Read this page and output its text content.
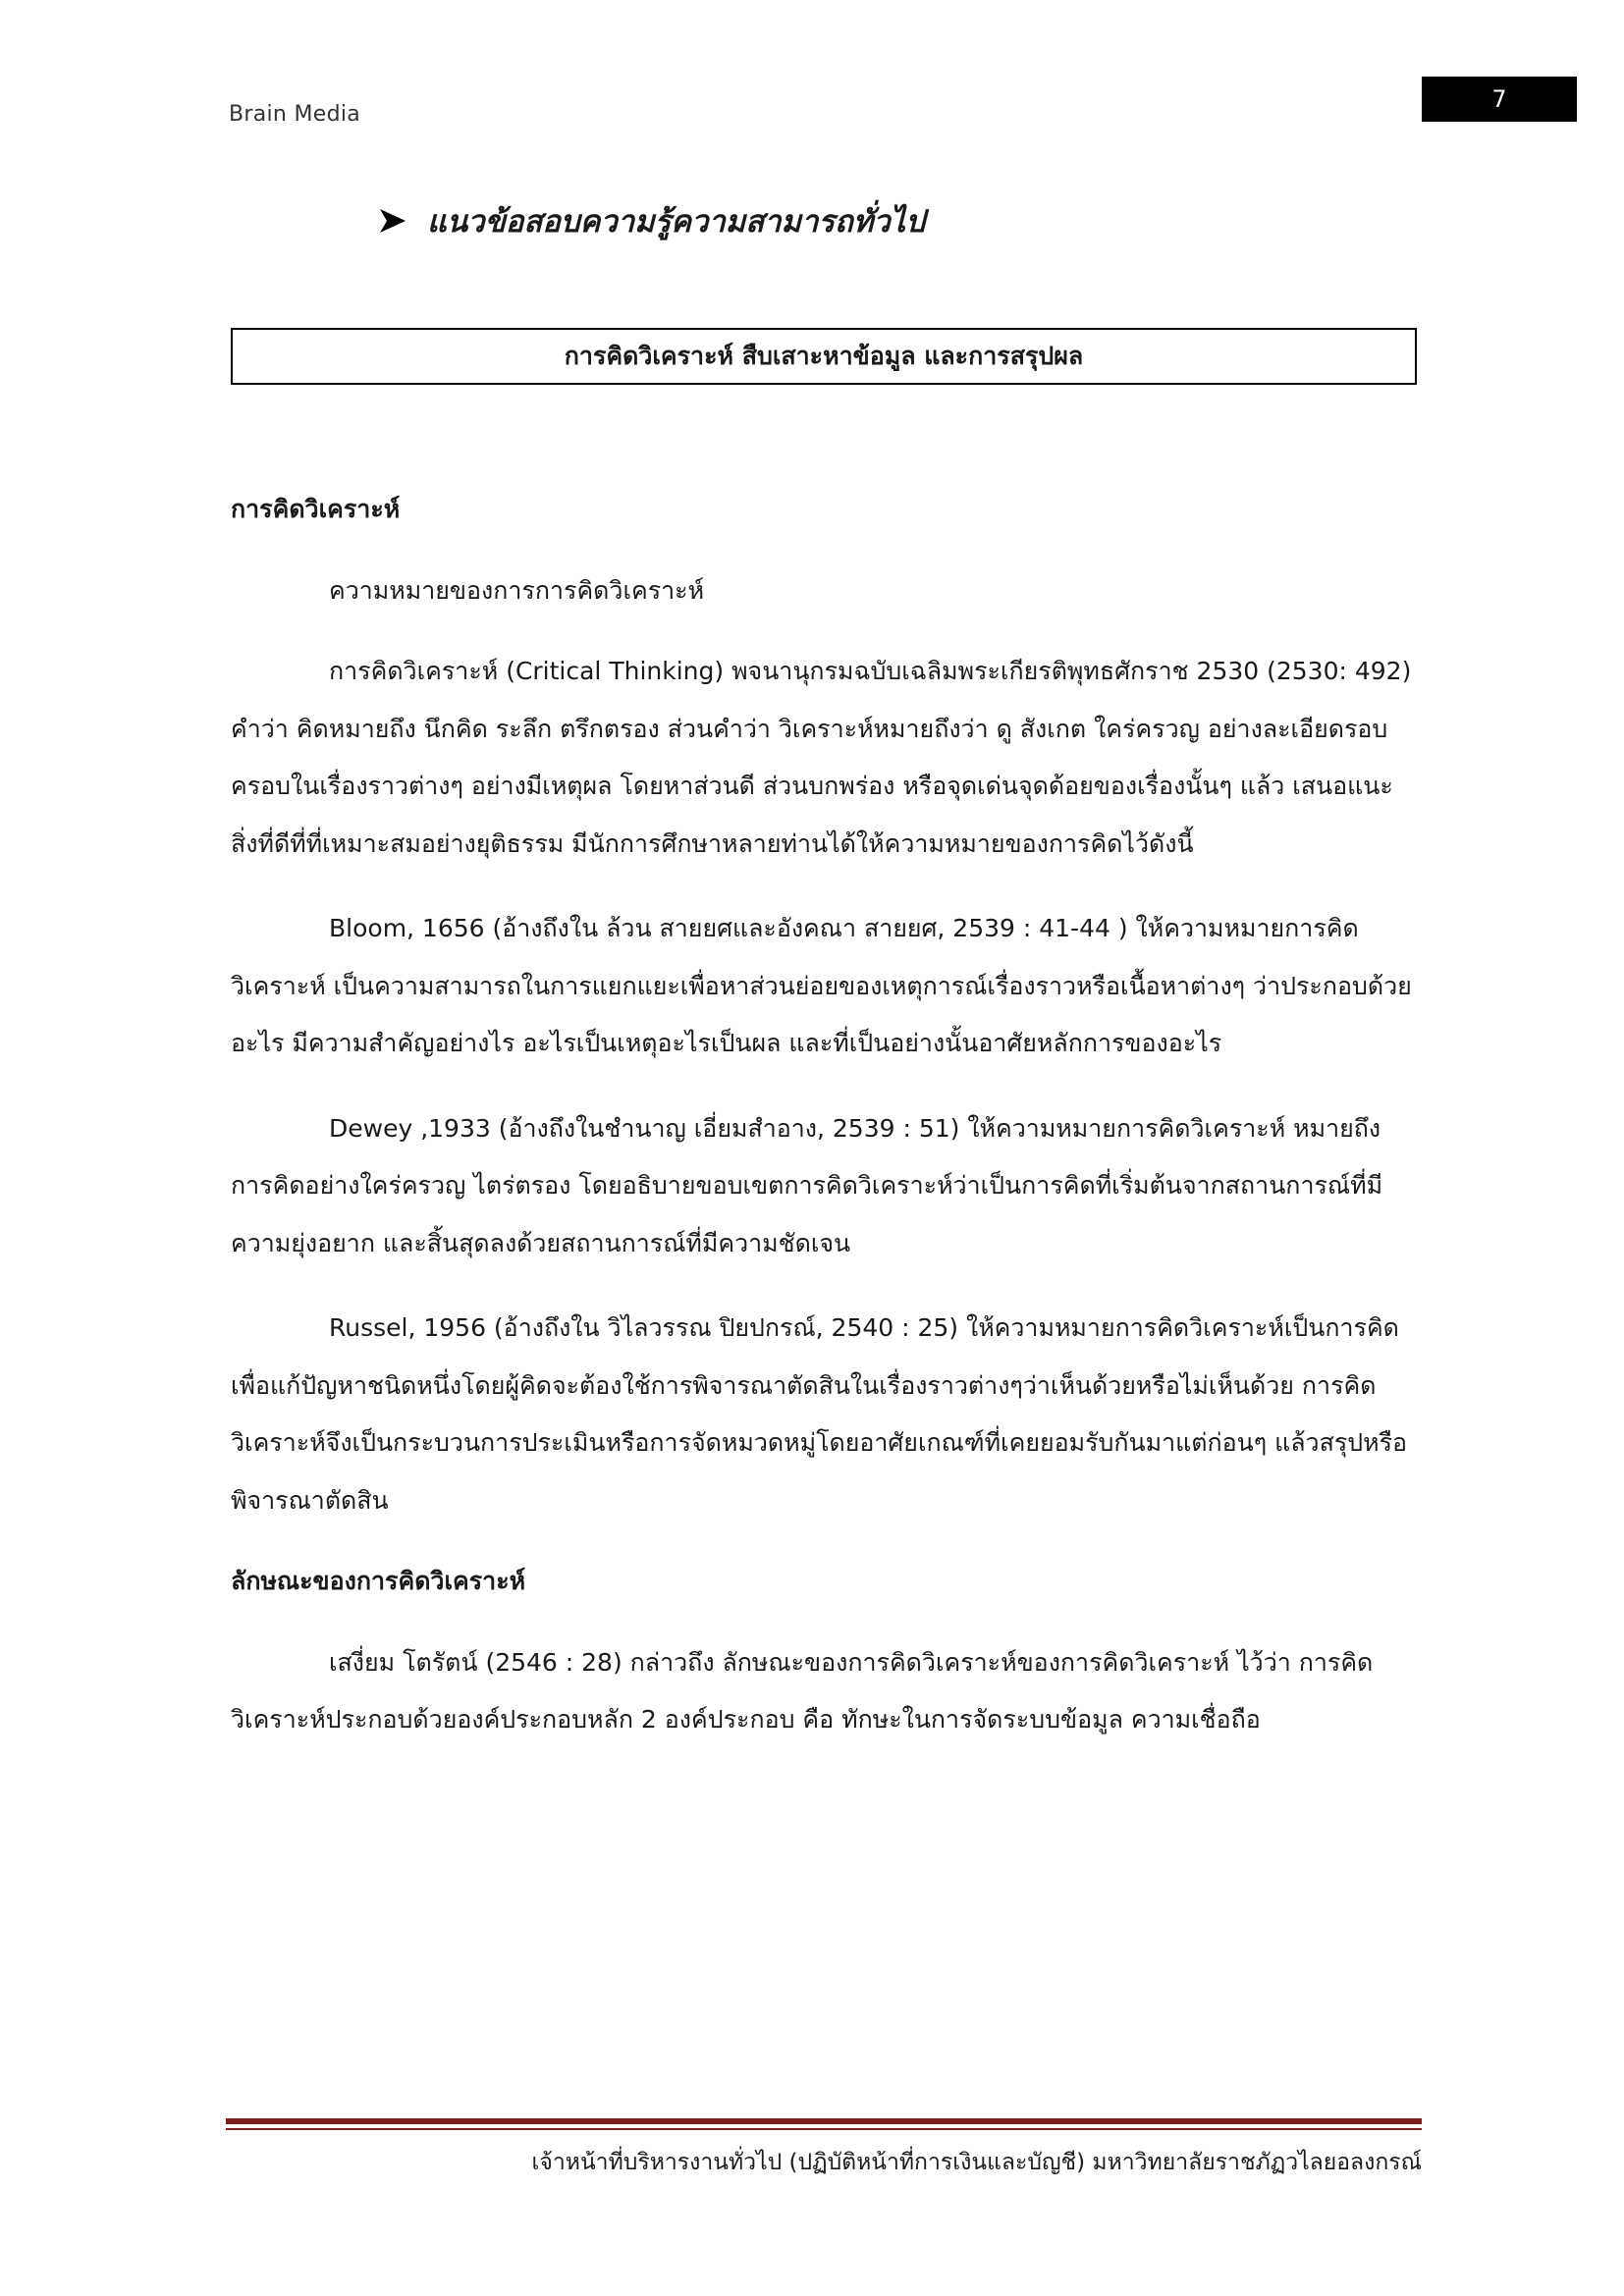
Brain Media
7
แนวข้อสอบความรู้ความสามารถทั่วไป
การคิดวิเคราะห์ สืบเสาะหาข้อมูล และการสรุปผล

การคิดวิเคราะห์

ความหมายของการการคิดวิเคราะห์

การคิดวิเคราะห์ (Critical Thinking) พจนานุกรมฉบับเฉลิมพระเกียรติพุทธศักราช 2530 (2530: 492) คำว่า คิดหมายถึง นึกคิด ระลึก ตรึกตรอง ส่วนคำว่า วิเคราะห์หมายถึงว่า ดู สังเกต ใคร่ครวญ อย่างละเอียดรอบครอบในเรื่องราวต่างๆ อย่างมีเหตุผล โดยหาส่วนดี ส่วนบกพร่อง หรือจุดเด่นจุดด้อยของเรื่องนั้นๆ แล้ว เสนอแนะสิ่งที่ดีที่ที่เหมาะสมอย่างยุติธรรม มีนักการศึกษาหลายท่านได้ให้ความหมายของการคิดไว้ดังนี้

Bloom, 1656 (อ้างถึงใน ล้วน สายยศและอังคณา สายยศ, 2539 : 41-44 ) ให้ความหมายการคิดวิเคราะห์ เป็นความสามารถในการแยกแยะเพื่อหาส่วนย่อยของเหตุการณ์เรื่องราวหรือเนื้อหาต่างๆ ว่าประกอบด้วยอะไร มีความสำคัญอย่างไร อะไรเป็นเหตุอะไรเป็นผล และที่เป็นอย่างนั้นอาศัยหลักการของอะไร

Dewey ,1933 (อ้างถึงในชำนาญ เอี่ยมสำอาง, 2539 : 51) ให้ความหมายการคิดวิเคราะห์ หมายถึง การคิดอย่างใคร่ครวญ ไตร่ตรอง โดยอธิบายขอบเขตการคิดวิเคราะห์ว่าเป็นการคิดที่เริ่มต้นจากสถานการณ์ที่มีความยุ่งอยาก และสิ้นสุดลงด้วยสถานการณ์ที่มีความชัดเจน

Russel, 1956 (อ้างถึงใน วิไลวรรณ ปิยปกรณ์, 2540 : 25) ให้ความหมายการคิดวิเคราะห์เป็นการคิดเพื่อแก้ปัญหาชนิดหนึ่งโดยผู้คิดจะต้องใช้การพิจารณาตัดสินในเรื่องราวต่างๆว่าเห็นด้วยหรือไม่เห็นด้วย การคิดวิเคราะห์จึงเป็นกระบวนการประเมินหรือการจัดหมวดหมู่โดยอาศัยเกณฑ์ที่เคยยอมรับกันมาแต่ก่อนๆ แล้วสรุปหรือพิจารณาตัดสิน

ลักษณะของการคิดวิเคราะห์

เสงี่ยม โตรัตน์ (2546 : 28) กล่าวถึง ลักษณะของการคิดวิเคราะห์ของการคิดวิเคราะห์ ไว้ว่า การคิดวิเคราะห์ประกอบด้วยองค์ประกอบหลัก 2 องค์ประกอบ คือ ทักษะในการจัดระบบข้อมูล ความเชื่อถือ

เจ้าหน้าที่บริหารงานทั่วไป (ปฏิบัติหน้าที่การเงินและบัญชี) มหาวิทยาลัยราชภัฏวไลยอลงกรณ์
